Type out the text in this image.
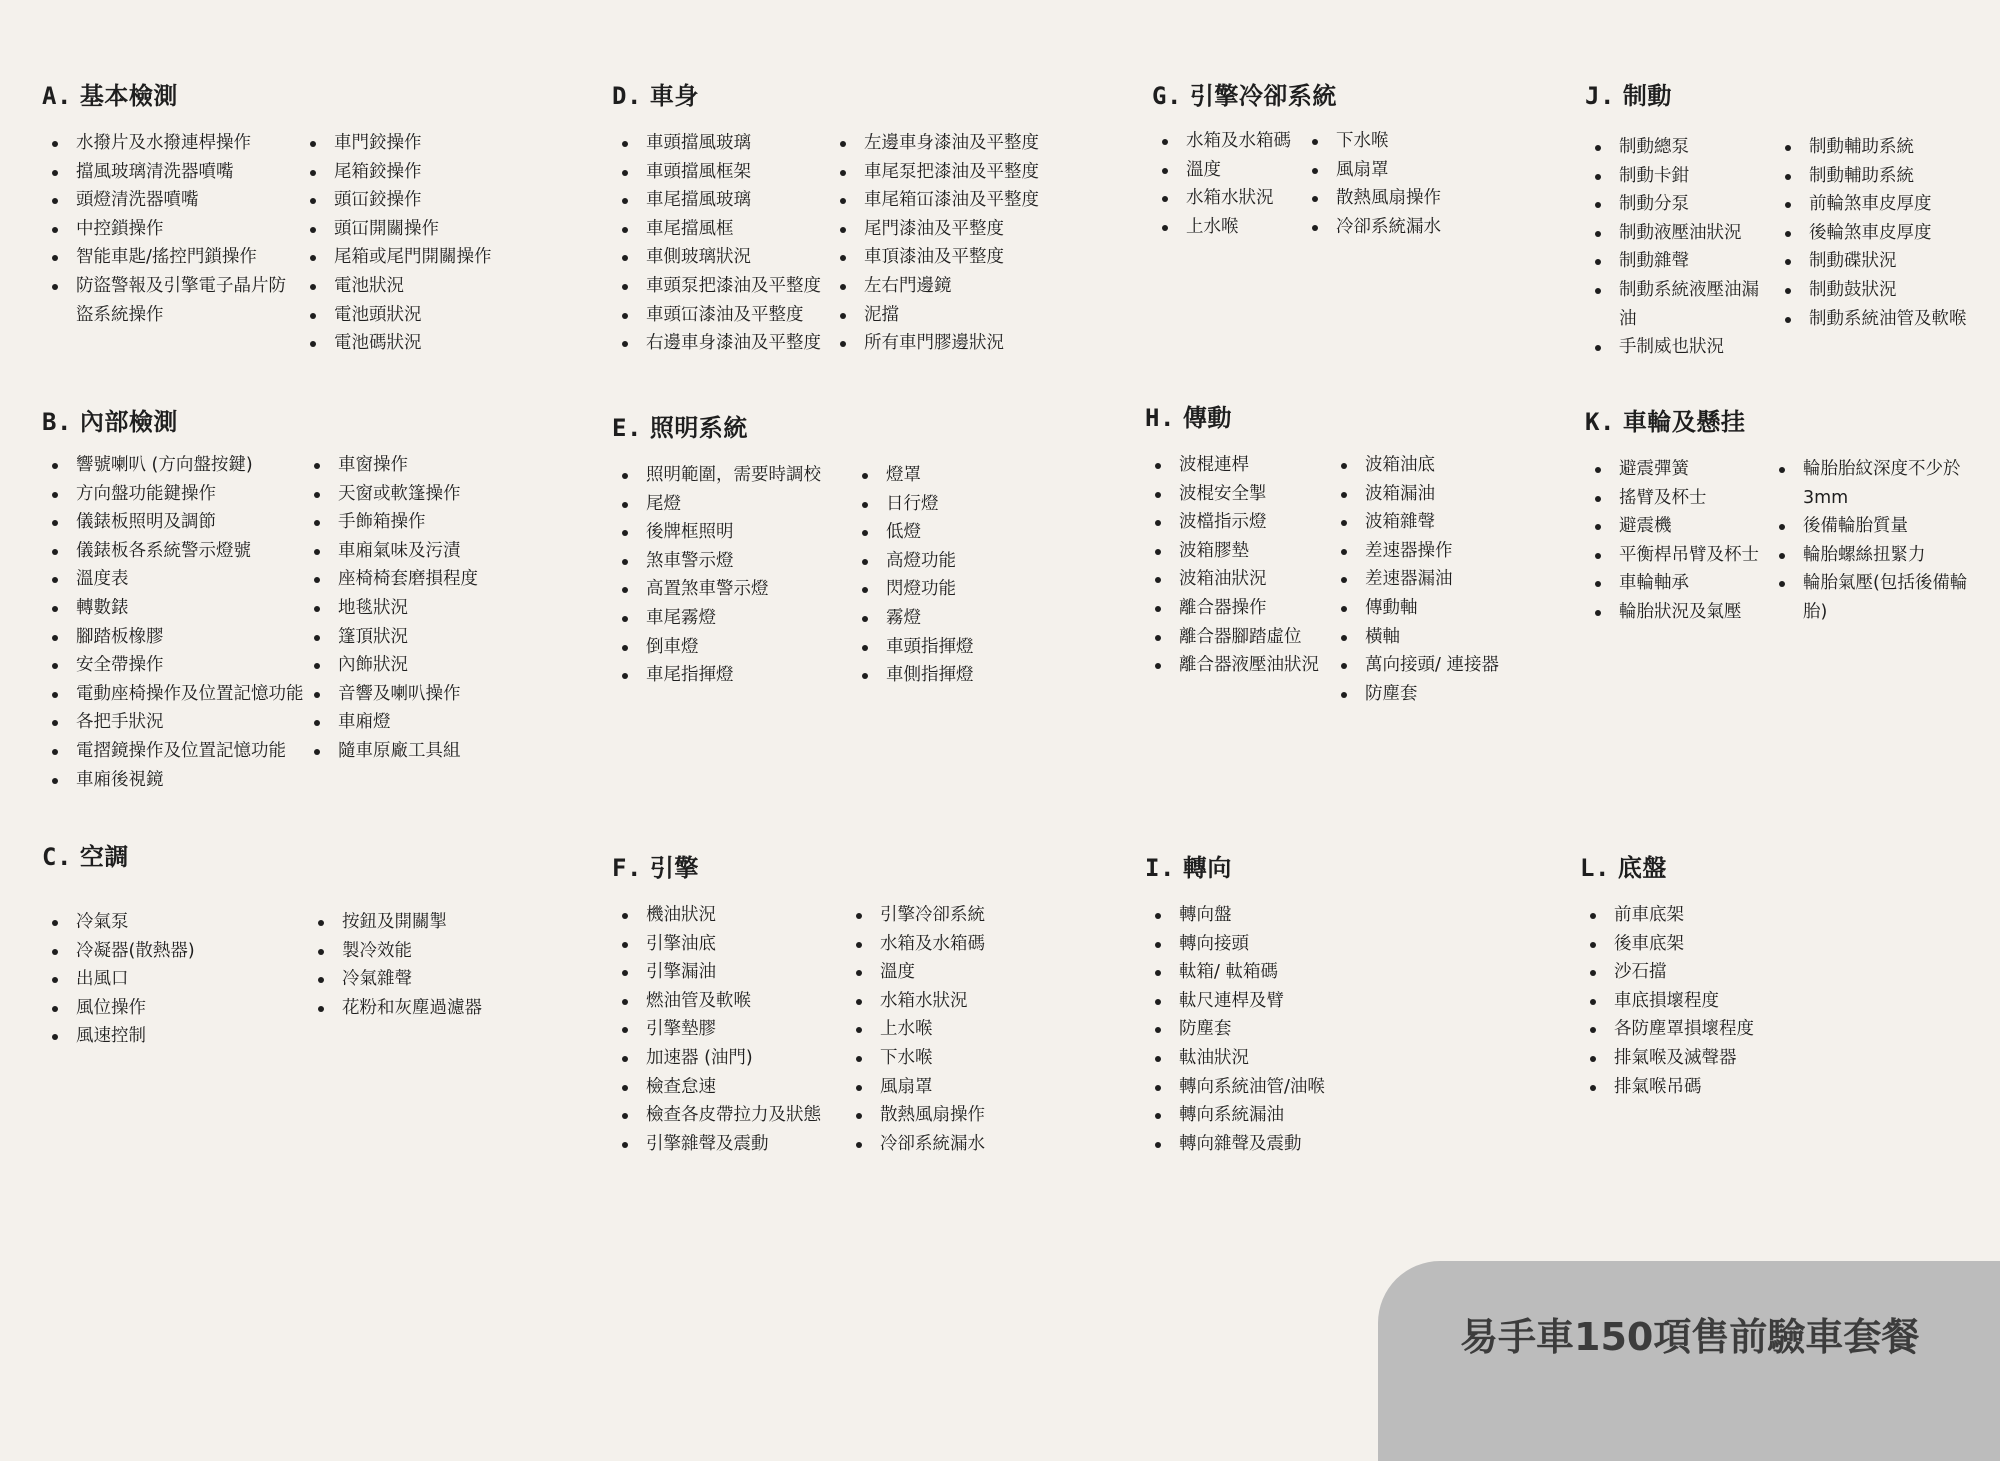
A. 基本檢測
水撥片及水撥連桿操作
擋風玻璃清洗器噴嘴
頭燈清洗器噴嘴
中控鎖操作
智能車匙/搖控門鎖操作
防盜警報及引擎電子晶片防盜系統操作
車門鉸操作
尾箱鉸操作
頭冚鉸操作
頭冚開關操作
尾箱或尾門開關操作
電池狀況
電池頭狀況
電池碼狀況
B. 內部檢測
響號喇叭 (方向盤按鍵)
方向盤功能鍵操作
儀錶板照明及調節
儀錶板各系統警示燈號
溫度表
轉數錶
腳踏板橡膠
安全帶操作
電動座椅操作及位置記憶功能
各把手狀況
電摺鏡操作及位置記憶功能
車廂後視鏡
車窗操作
天窗或軟篷操作
手飾箱操作
車廂氣味及污漬
座椅椅套磨損程度
地毯狀況
篷頂狀況
內飾狀況
音響及喇叭操作
車廂燈
隨車原廠工具組
C. 空調
冷氣泵
冷凝器(散熱器)
出風口
風位操作
風速控制
按鈕及開關掣
製冷效能
冷氣雜聲
花粉和灰塵過濾器
D. 車身
車頭擋風玻璃
車頭擋風框架
車尾擋風玻璃
車尾擋風框
車側玻璃狀況
車頭泵把漆油及平整度
車頭冚漆油及平整度
右邊車身漆油及平整度
左邊車身漆油及平整度
車尾泵把漆油及平整度
車尾箱冚漆油及平整度
尾門漆油及平整度
車頂漆油及平整度
左右門邊鏡
泥擋
所有車門膠邊狀況
E. 照明系統
照明範圍，需要時調校
尾燈
後牌框照明
煞車警示燈
高置煞車警示燈
車尾霧燈
倒車燈
車尾指揮燈
燈罩
日行燈
低燈
高燈功能
閃燈功能
霧燈
車頭指揮燈
車側指揮燈
F. 引擎
機油狀況
引擎油底
引擎漏油
燃油管及軟喉
引擎墊膠
加速器 (油門)
檢查怠速
檢查各皮帶拉力及狀態
引擎雜聲及震動
引擎冷卻系統
水箱及水箱碼
溫度
水箱水狀況
上水喉
下水喉
風扇罩
散熱風扇操作
冷卻系統漏水
G. 引擎冷卻系統
水箱及水箱碼
溫度
水箱水狀況
上水喉
下水喉
風扇罩
散熱風扇操作
冷卻系統漏水
H. 傳動
波棍連桿
波棍安全掣
波檔指示燈
波箱膠墊
波箱油狀況
離合器操作
離合器腳踏虛位
離合器液壓油狀況
波箱油底
波箱漏油
波箱雜聲
差速器操作
差速器漏油
傳動軸
橫軸
萬向接頭/ 連接器
防塵套
I. 轉向
轉向盤
轉向接頭
軚箱/ 軚箱碼
軚尺連桿及臂
防塵套
軚油狀況
轉向系統油管/油喉
轉向系統漏油
轉向雜聲及震動
J. 制動
制動總泵
制動卡鉗
制動分泵
制動液壓油狀況
制動雜聲
制動系統液壓油漏油
手制威也狀況
制動輔助系統
制動輔助系統
前輪煞車皮厚度
後輪煞車皮厚度
制動碟狀況
制動鼓狀況
制動系統油管及軟喉
K. 車輪及懸挂
避震彈簧
搖臂及杯士
避震機
平衡桿吊臂及杯士
車輪軸承
輪胎狀況及氣壓
輪胎胎紋深度不少於3mm
後備輪胎質量
輪胎螺絲扭緊力
輪胎氣壓(包括後備輪胎)
L. 底盤
前車底架
後車底架
沙石擋
車底損壞程度
各防塵罩損壞程度
排氣喉及滅聲器
排氣喉吊碼
易手車150項售前驗車套餐
